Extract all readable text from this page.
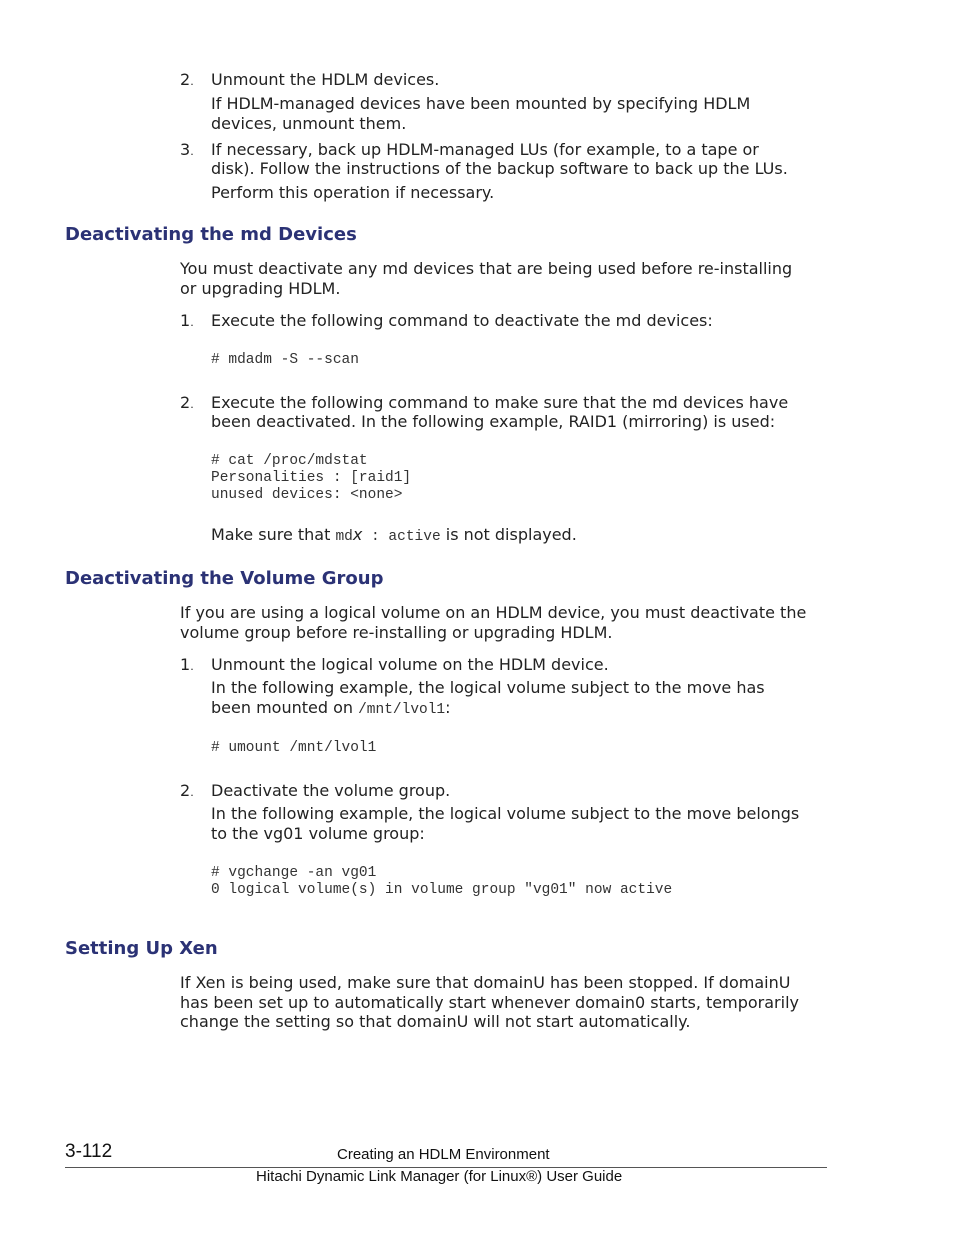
2. Unmount the HDLM devices.
If HDLM-managed devices have been mounted by specifying HDLM
devices, unmount them.
3. If necessary, back up HDLM-managed LUs (for example, to a tape or
disk). Follow the instructions of the backup software to back up the LUs.
Perform this operation if necessary.
Deactivating the md Devices
You must deactivate any md devices that are being used before re-installing
or upgrading HDLM.
1. Execute the following command to deactivate the md devices:
# mdadm -S --scan
2. Execute the following command to make sure that the md devices have
been deactivated. In the following example, RAID1 (mirroring) is used:
# cat /proc/mdstat
Personalities : [raid1]
unused devices: <none>
Make sure that mdx : active is not displayed.
Deactivating the Volume Group
If you are using a logical volume on an HDLM device, you must deactivate the
volume group before re-installing or upgrading HDLM.
1. Unmount the logical volume on the HDLM device.
In the following example, the logical volume subject to the move has
been mounted on /mnt/lvol1:
# umount /mnt/lvol1
2. Deactivate the volume group.
In the following example, the logical volume subject to the move belongs
to the vg01 volume group:
# vgchange -an vg01
0 logical volume(s) in volume group "vg01" now active
Setting Up Xen
If Xen is being used, make sure that domainU has been stopped. If domainU
has been set up to automatically start whenever domain0 starts, temporarily
change the setting so that domainU will not start automatically.
3-112	Creating an HDLM Environment
Hitachi Dynamic Link Manager (for Linux®) User Guide
